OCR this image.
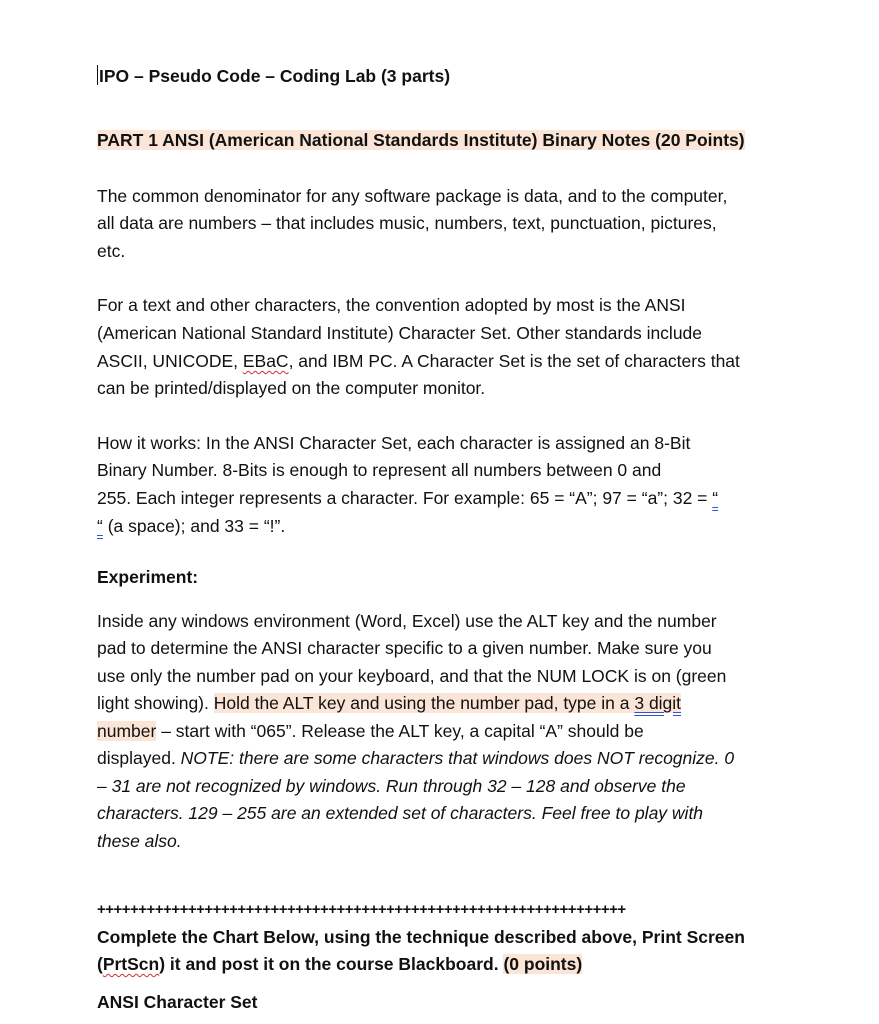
IPO – Pseudo Code – Coding Lab (3 parts)
PART 1 ANSI (American National Standards Institute) Binary Notes (20 Points)
The common denominator for any software package is data, and to the computer,
all data are numbers – that includes music, numbers, text, punctuation, pictures,
etc.
For a text and other characters, the convention adopted by most is the ANSI
(American National Standard Institute) Character Set. Other standards include
ASCII, UNICODE, EBaC, and IBM PC. A Character Set is the set of characters that
can be printed/displayed on the computer monitor.
How it works: In the ANSI Character Set, each character is assigned an 8-Bit
Binary Number. 8-Bits is enough to represent all numbers between 0 and
255. Each integer represents a character. For example: 65 = “A”; 97 = “a”; 32 = “
“ (a space); and 33 = “!”.
Experiment:
Inside any windows environment (Word, Excel) use the ALT key and the number
pad to determine the ANSI character specific to a given number. Make sure you
use only the number pad on your keyboard, and that the NUM LOCK is on (green
light showing). Hold the ALT key and using the number pad, type in a 3 digit
number – start with “065”. Release the ALT key, a capital “A” should be
displayed. NOTE: there are some characters that windows does NOT recognize. 0
– 31 are not recognized by windows. Run through 32 – 128 and observe the
characters. 129 – 255 are an extended set of characters. Feel free to play with
these also.
++++++++++++++++++++++++++++++++++++++++++++++++++++++++++++++++
Complete the Chart Below, using the technique described above, Print Screen
(PrtScn) it and post it on the course Blackboard. (0 points)
ANSI Character Set
